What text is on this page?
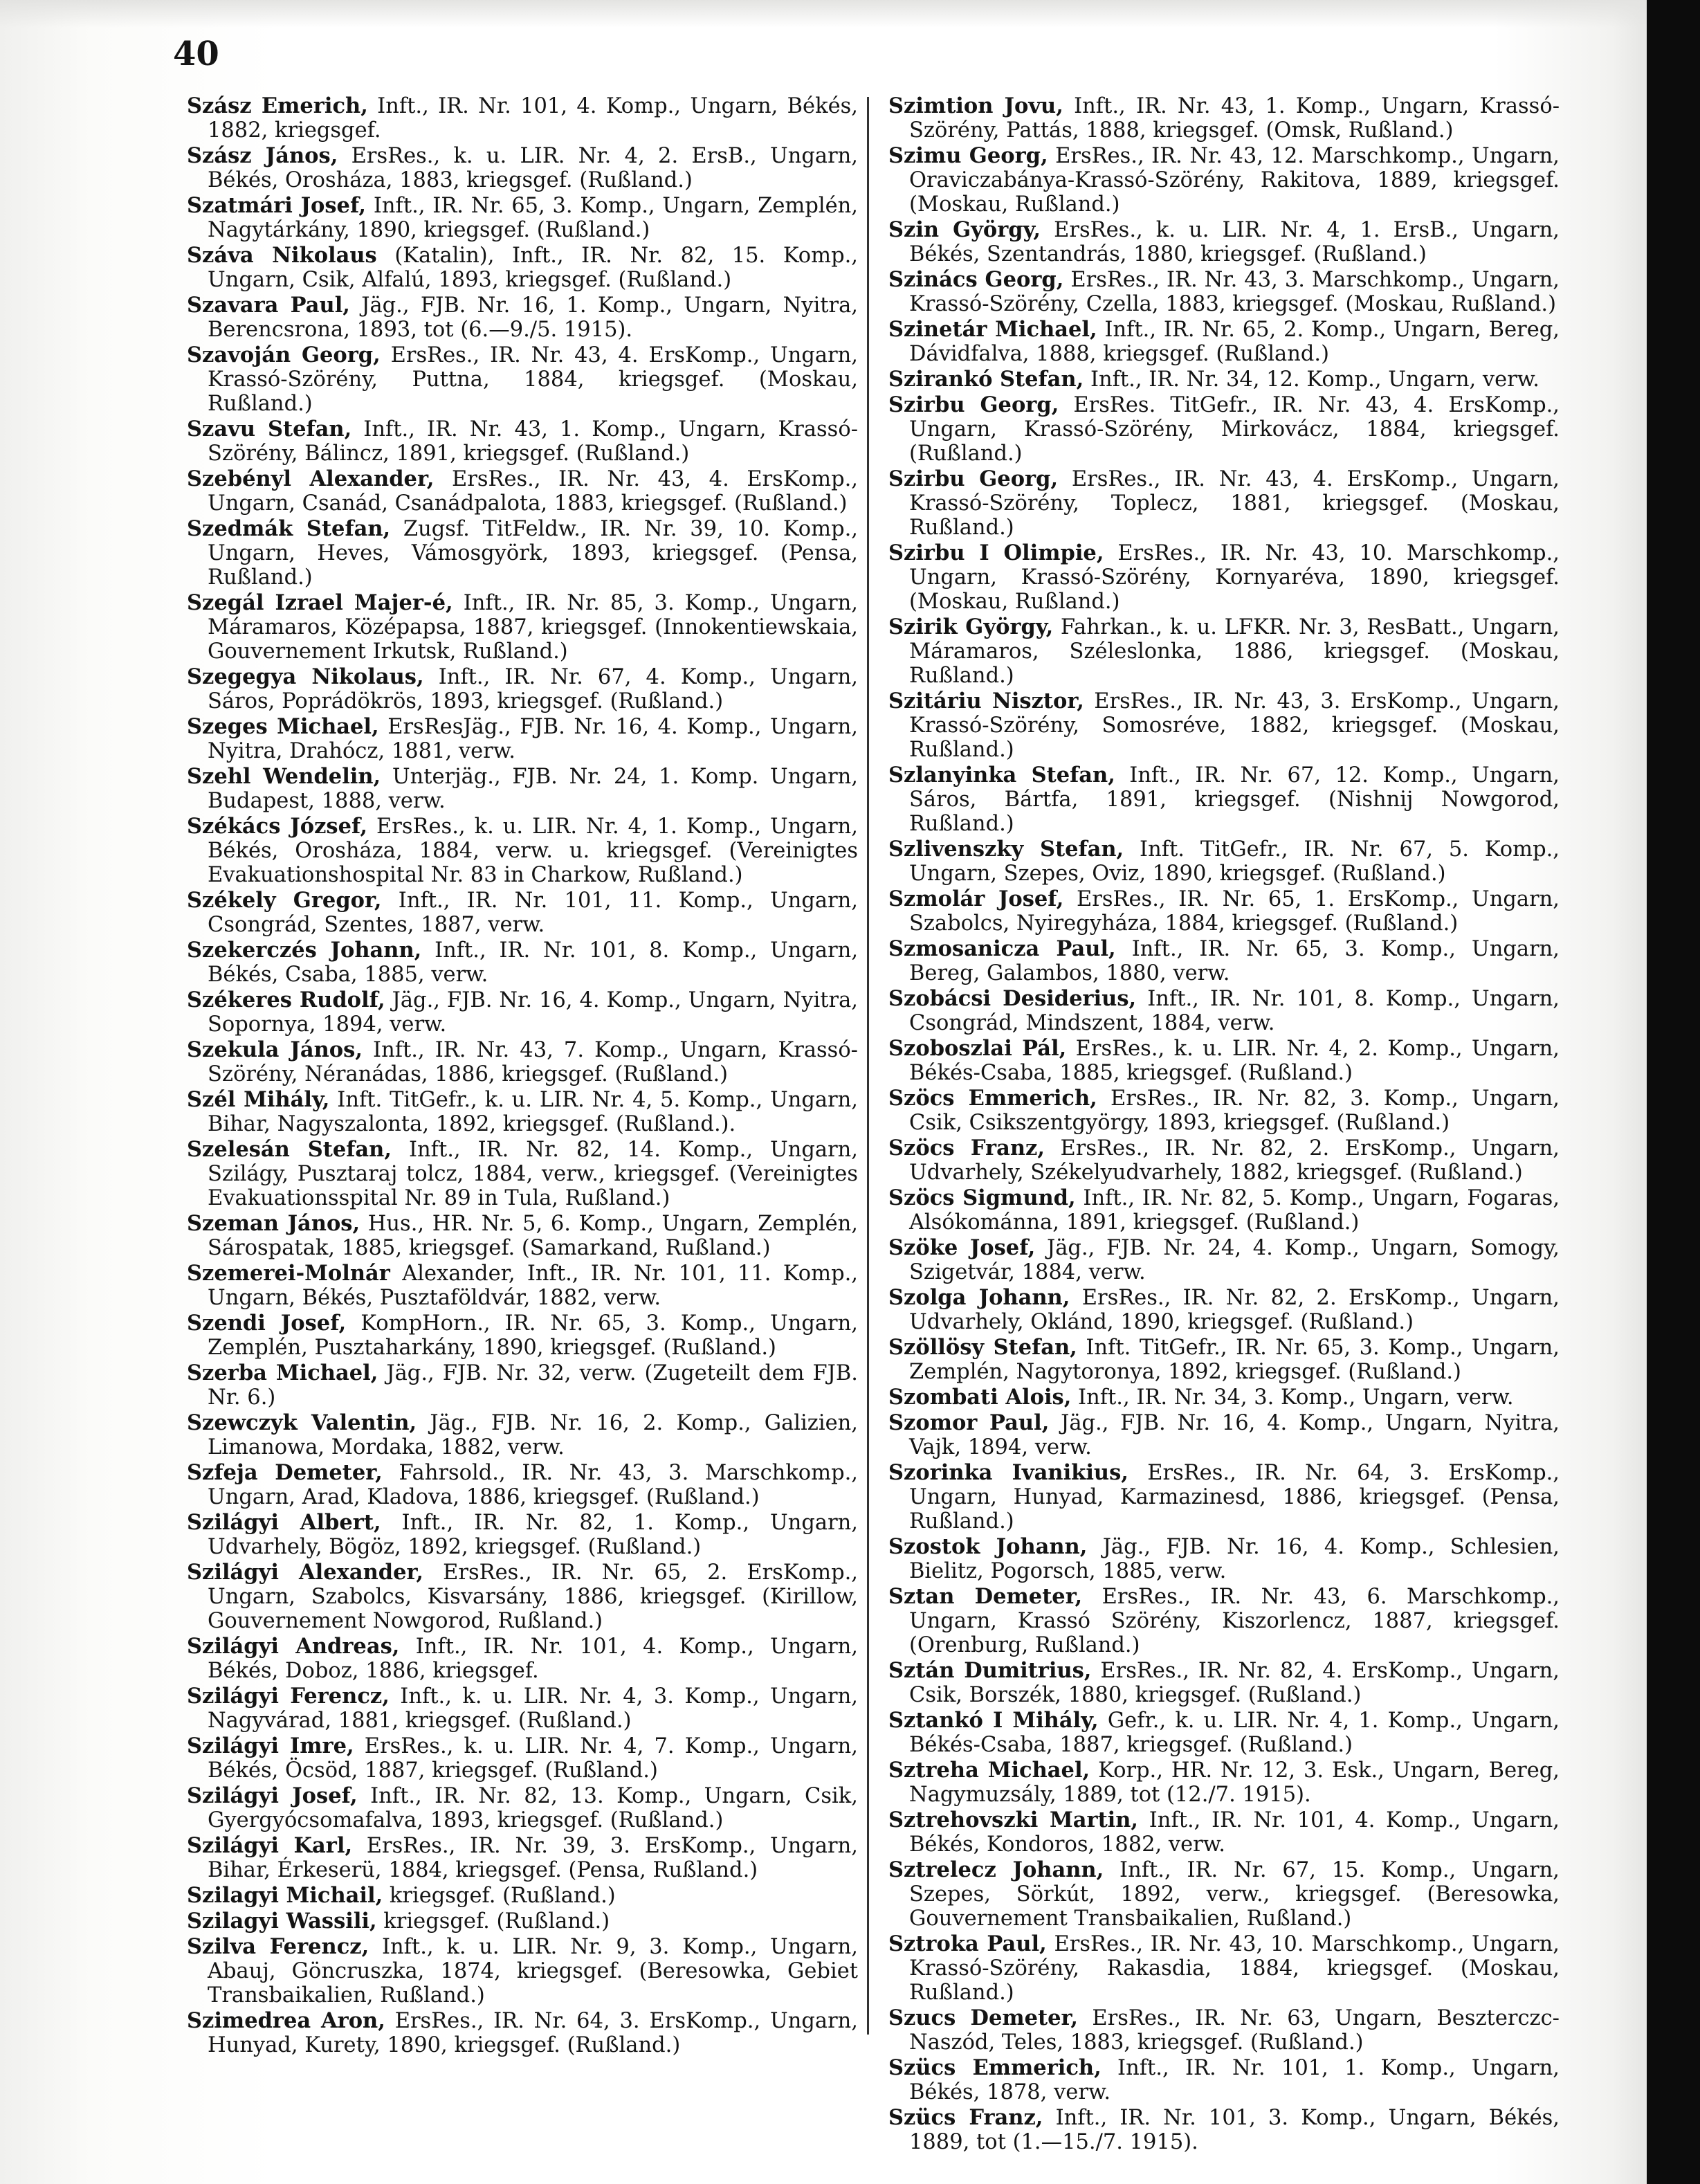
40

Szász Emerich, Inft., IR. Nr. 101, 4. Komp., Ungarn, Békés, 1882, kriegsgef.

Szász János, ErsRes., k. u. LIR. Nr. 4, 2. ErsB., Ungarn, Békés, Orosháza, 1883, kriegsgef. (Rußland.)

Szatmári Josef, Inft., IR. Nr. 65, 3. Komp., Ungarn, Zemplén, Nagytárkány, 1890, kriegsgef. (Rußland.)

Száva Nikolaus (Katalin), Inft., IR. Nr. 82, 15. Komp., Ungarn, Csik, Alfalú, 1893, kriegsgef. (Rußland.)

Szavara Paul, Jäg., FJB. Nr. 16, 1. Komp., Ungarn, Nyitra, Berencsrona, 1893, tot (6.—9./5. 1915).

Szavoján Georg, ErsRes., IR. Nr. 43, 4. ErsKomp., Ungarn, Krassó-Szörény, Puttna, 1884, kriegsgef. (Moskau, Rußland.)

Szavu Stefan, Inft., IR. Nr. 43, 1. Komp., Ungarn, Krassó-Szörény, Bálincz, 1891, kriegsgef. (Rußland.)

Szebényl Alexander, ErsRes., IR. Nr. 43, 4. ErsKomp., Ungarn, Csanád, Csanádpalota, 1883, kriegsgef. (Rußland.)

Szedmák Stefan, Zugsf. TitFeldw., IR. Nr. 39, 10. Komp., Ungarn, Heves, Vámosgyörk, 1893, kriegsgef. (Pensa, Rußland.)

Szegál Izrael Majer-é, Inft., IR. Nr. 85, 3. Komp., Ungarn, Máramaros, Középapsa, 1887, kriegsgef. (Innokentiewskaia, Gouvernement Irkutsk, Rußland.)

Szegegya Nikolaus, Inft., IR. Nr. 67, 4. Komp., Ungarn, Sáros, Poprádökrös, 1893, kriegsgef. (Rußland.)

Szeges Michael, ErsResJäg., FJB. Nr. 16, 4. Komp., Ungarn, Nyitra, Drahócz, 1881, verw.

Szehl Wendelin, Unterjäg., FJB. Nr. 24, 1. Komp. Ungarn, Budapest, 1888, verw.

Székács József, ErsRes., k. u. LIR. Nr. 4, 1. Komp., Ungarn, Békés, Orosháza, 1884, verw. u. kriegsgef. (Vereinigtes Evakuationshospital Nr. 83 in Charkow, Rußland.)

Székely Gregor, Inft., IR. Nr. 101, 11. Komp., Ungarn, Csongrád, Szentes, 1887, verw.

Szekerczés Johann, Inft., IR. Nr. 101, 8. Komp., Ungarn, Békés, Csaba, 1885, verw.

Székeres Rudolf, Jäg., FJB. Nr. 16, 4. Komp., Ungarn, Nyitra, Sopornya, 1894, verw.

Szekula János, Inft., IR. Nr. 43, 7. Komp., Ungarn, Krassó-Szörény, Néranádas, 1886, kriegsgef. (Rußland.)

Szél Mihály, Inft. TitGefr., k. u. LIR. Nr. 4, 5. Komp., Ungarn, Bihar, Nagyszalonta, 1892, kriegsgef. (Rußland.).

Szelesán Stefan, Inft., IR. Nr. 82, 14. Komp., Ungarn, Szilágy, Pusztaraj tolcz, 1884, verw., kriegsgef. (Vereinigtes Evakuationsspital Nr. 89 in Tula, Rußland.)

Szeman János, Hus., HR. Nr. 5, 6. Komp., Ungarn, Zemplén, Sárospatak, 1885, kriegsgef. (Samarkand, Rußland.)

Szemerei-Molnár Alexander, Inft., IR. Nr. 101, 11. Komp., Ungarn, Békés, Pusztaföldvár, 1882, verw.

Szendi Josef, KompHorn., IR. Nr. 65, 3. Komp., Ungarn, Zemplén, Pusztaharkány, 1890, kriegsgef. (Rußland.)

Szerba Michael, Jäg., FJB. Nr. 32, verw. (Zugeteilt dem FJB. Nr. 6.)

Szewczyk Valentin, Jäg., FJB. Nr. 16, 2. Komp., Galizien, Limanowa, Mordaka, 1882, verw.

Szfeja Demeter, Fahrsold., IR. Nr. 43, 3. Marschkomp., Ungarn, Arad, Kladova, 1886, kriegsgef. (Rußland.)

Szilágyi Albert, Inft., IR. Nr. 82, 1. Komp., Ungarn, Udvarhely, Bögöz, 1892, kriegsgef. (Rußland.)

Szilágyi Alexander, ErsRes., IR. Nr. 65, 2. ErsKomp., Ungarn, Szabolcs, Kisvarsány, 1886, kriegsgef. (Kirillow, Gouvernement Nowgorod, Rußland.)

Szilágyi Andreas, Inft., IR. Nr. 101, 4. Komp., Ungarn, Békés, Doboz, 1886, kriegsgef.

Szilágyi Ferencz, Inft., k. u. LIR. Nr. 4, 3. Komp., Ungarn, Nagyvárad, 1881, kriegsgef. (Rußland.)

Szilágyi Imre, ErsRes., k. u. LIR. Nr. 4, 7. Komp., Ungarn, Békés, Öcsöd, 1887, kriegsgef. (Rußland.)

Szilágyi Josef, Inft., IR. Nr. 82, 13. Komp., Ungarn, Csik, Gyergyócsomafalva, 1893, kriegsgef. (Rußland.)

Szilágyi Karl, ErsRes., IR. Nr. 39, 3. ErsKomp., Ungarn, Bihar, Érkeserü, 1884, kriegsgef. (Pensa, Rußland.)

Szilagyi Michail, kriegsgef. (Rußland.)

Szilagyi Wassili, kriegsgef. (Rußland.)

Szilva Ferencz, Inft., k. u. LIR. Nr. 9, 3. Komp., Ungarn, Abauj, Göncruszka, 1874, kriegsgef. (Beresowka, Gebiet Transbaikalien, Rußland.)

Szimedrea Aron, ErsRes., IR. Nr. 64, 3. ErsKomp., Ungarn, Hunyad, Kurety, 1890, kriegsgef. (Rußland.)

Szimtion Jovu, Inft., IR. Nr. 43, 1. Komp., Ungarn, Krassó-Szörény, Pattás, 1888, kriegsgef. (Omsk, Rußland.)

Szimu Georg, ErsRes., IR. Nr. 43, 12. Marschkomp., Ungarn, Oraviczabánya-Krassó-Szörény, Rakitova, 1889, kriegsgef. (Moskau, Rußland.)

Szin György, ErsRes., k. u. LIR. Nr. 4, 1. ErsB., Ungarn, Békés, Szentandrás, 1880, kriegsgef. (Rußland.)

Szinács Georg, ErsRes., IR. Nr. 43, 3. Marschkomp., Ungarn, Krassó-Szörény, Czella, 1883, kriegsgef. (Moskau, Rußland.)

Szinetár Michael, Inft., IR. Nr. 65, 2. Komp., Ungarn, Bereg, Dávidfalva, 1888, kriegsgef. (Rußland.)

Szirankó Stefan, Inft., IR. Nr. 34, 12. Komp., Ungarn, verw.

Szirbu Georg, ErsRes. TitGefr., IR. Nr. 43, 4. ErsKomp., Ungarn, Krassó-Szörény, Mirkovácz, 1884, kriegsgef. (Rußland.)

Szirbu Georg, ErsRes., IR. Nr. 43, 4. ErsKomp., Ungarn, Krassó-Szörény, Toplecz, 1881, kriegsgef. (Moskau, Rußland.)

Szirbu I Olimpie, ErsRes., IR. Nr. 43, 10. Marschkomp., Ungarn, Krassó-Szörény, Kornyaréva, 1890, kriegsgef. (Moskau, Rußland.)

Szirik György, Fahrkan., k. u. LFKR. Nr. 3, ResBatt., Ungarn, Máramaros, Széleslonka, 1886, kriegsgef. (Moskau, Rußland.)

Szitáriu Nisztor, ErsRes., IR. Nr. 43, 3. ErsKomp., Ungarn, Krassó-Szörény, Somosréve, 1882, kriegsgef. (Moskau, Rußland.)

Szlanyinka Stefan, Inft., IR. Nr. 67, 12. Komp., Ungarn, Sáros, Bártfa, 1891, kriegsgef. (Nishnij Nowgorod, Rußland.)

Szlivenszky Stefan, Inft. TitGefr., IR. Nr. 67, 5. Komp., Ungarn, Szepes, Oviz, 1890, kriegsgef. (Rußland.)

Szmolár Josef, ErsRes., IR. Nr. 65, 1. ErsKomp., Ungarn, Szabolcs, Nyiregyháza, 1884, kriegsgef. (Rußland.)

Szmosanicza Paul, Inft., IR. Nr. 65, 3. Komp., Ungarn, Bereg, Galambos, 1880, verw.

Szobácsi Desiderius, Inft., IR. Nr. 101, 8. Komp., Ungarn, Csongrád, Mindszent, 1884, verw.

Szoboszlai Pál, ErsRes., k. u. LIR. Nr. 4, 2. Komp., Ungarn, Békés-Csaba, 1885, kriegsgef. (Rußland.)

Szöcs Emmerich, ErsRes., IR. Nr. 82, 3. Komp., Ungarn, Csik, Csikszentgyörgy, 1893, kriegsgef. (Rußland.)

Szöcs Franz, ErsRes., IR. Nr. 82, 2. ErsKomp., Ungarn, Udvarhely, Székelyudvarhely, 1882, kriegsgef. (Rußland.)

Szöcs Sigmund, Inft., IR. Nr. 82, 5. Komp., Ungarn, Fogaras, Alsókománna, 1891, kriegsgef. (Rußland.)

Szöke Josef, Jäg., FJB. Nr. 24, 4. Komp., Ungarn, Somogy, Szigetvár, 1884, verw.

Szolga Johann, ErsRes., IR. Nr. 82, 2. ErsKomp., Ungarn, Udvarhely, Oklánd, 1890, kriegsgef. (Rußland.)

Szöllösy Stefan, Inft. TitGefr., IR. Nr. 65, 3. Komp., Ungarn, Zemplén, Nagytoronya, 1892, kriegsgef. (Rußland.)

Szombati Alois, Inft., IR. Nr. 34, 3. Komp., Ungarn, verw.

Szomor Paul, Jäg., FJB. Nr. 16, 4. Komp., Ungarn, Nyitra, Vajk, 1894, verw.

Szorinka Ivanikius, ErsRes., IR. Nr. 64, 3. ErsKomp., Ungarn, Hunyad, Karmazinesd, 1886, kriegsgef. (Pensa, Rußland.)

Szostok Johann, Jäg., FJB. Nr. 16, 4. Komp., Schlesien, Bielitz, Pogorsch, 1885, verw.

Sztan Demeter, ErsRes., IR. Nr. 43, 6. Marschkomp., Ungarn, Krassó Szörény, Kiszorlencz, 1887, kriegsgef. (Orenburg, Rußland.)

Sztán Dumitrius, ErsRes., IR. Nr. 82, 4. ErsKomp., Ungarn, Csik, Borszék, 1880, kriegsgef. (Rußland.)

Sztankó I Mihály, Gefr., k. u. LIR. Nr. 4, 1. Komp., Ungarn, Békés-Csaba, 1887, kriegsgef. (Rußland.)

Sztreha Michael, Korp., HR. Nr. 12, 3. Esk., Ungarn, Bereg, Nagymuzsály, 1889, tot (12./7. 1915).

Sztrehovszki Martin, Inft., IR. Nr. 101, 4. Komp., Ungarn, Békés, Kondoros, 1882, verw.

Sztrelecz Johann, Inft., IR. Nr. 67, 15. Komp., Ungarn, Szepes, Sörkút, 1892, verw., kriegsgef. (Beresowka, Gouvernement Transbaikalien, Rußland.)

Sztroka Paul, ErsRes., IR. Nr. 43, 10. Marschkomp., Ungarn, Krassó-Szörény, Rakasdia, 1884, kriegsgef. (Moskau, Rußland.)

Szucs Demeter, ErsRes., IR. Nr. 63, Ungarn, Beszterczc-Naszód, Teles, 1883, kriegsgef. (Rußland.)

Szücs Emmerich, Inft., IR. Nr. 101, 1. Komp., Ungarn, Békés, 1878, verw.

Szücs Franz, Inft., IR. Nr. 101, 3. Komp., Ungarn, Békés, 1889, tot (1.—15./7. 1915).
